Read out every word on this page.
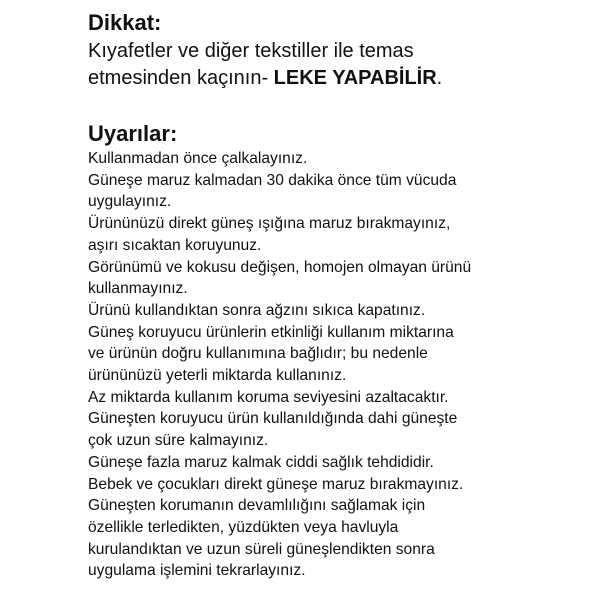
Dikkat:

Kıyafetler ve diğer tekstiller ile temas
etmesinden kaçının- LEKE YAPABİLİR.

Uyarılar:
Kullanmadan önce çalkalayınız.
Güneşe maruz kalmadan 30 dakika önce tüm vücuda
uygulayınız.
Ürününüzü direkt güneş ışığına maruz bırakmayınız,
aşırı sıcaktan koruyunuz.
Görünümü ve kokusu değişen, homojen olmayan ürünü
kullanmayınız.
Ürünü kullandıktan sonra ağzını sıkıca kapatınız.
Güneş koruyucu ürünlerin etkinliği kullanım miktarına
ve ürünün doğru kullanımına bağlıdır; bu nedenle
ürününüzü yeterli miktarda kullanınız.
Az miktarda kullanım koruma seviyesini azaltacaktır.
Güneşten koruyucu ürün kullanıldığında dahi güneşte
çok uzun süre kalmayınız.
Güneşe fazla maruz kalmak ciddi sağlık tehdididir.
Bebek ve çocukları direkt güneşe maruz bırakmayınız.
Güneşten korumanın devamlılığını sağlamak için
özellikle terledikten, yüzdükten veya havluyla
kurulandıktan ve uzun süreli güneşlendikten sonra
uygulama işlemini tekrarlayınız.
